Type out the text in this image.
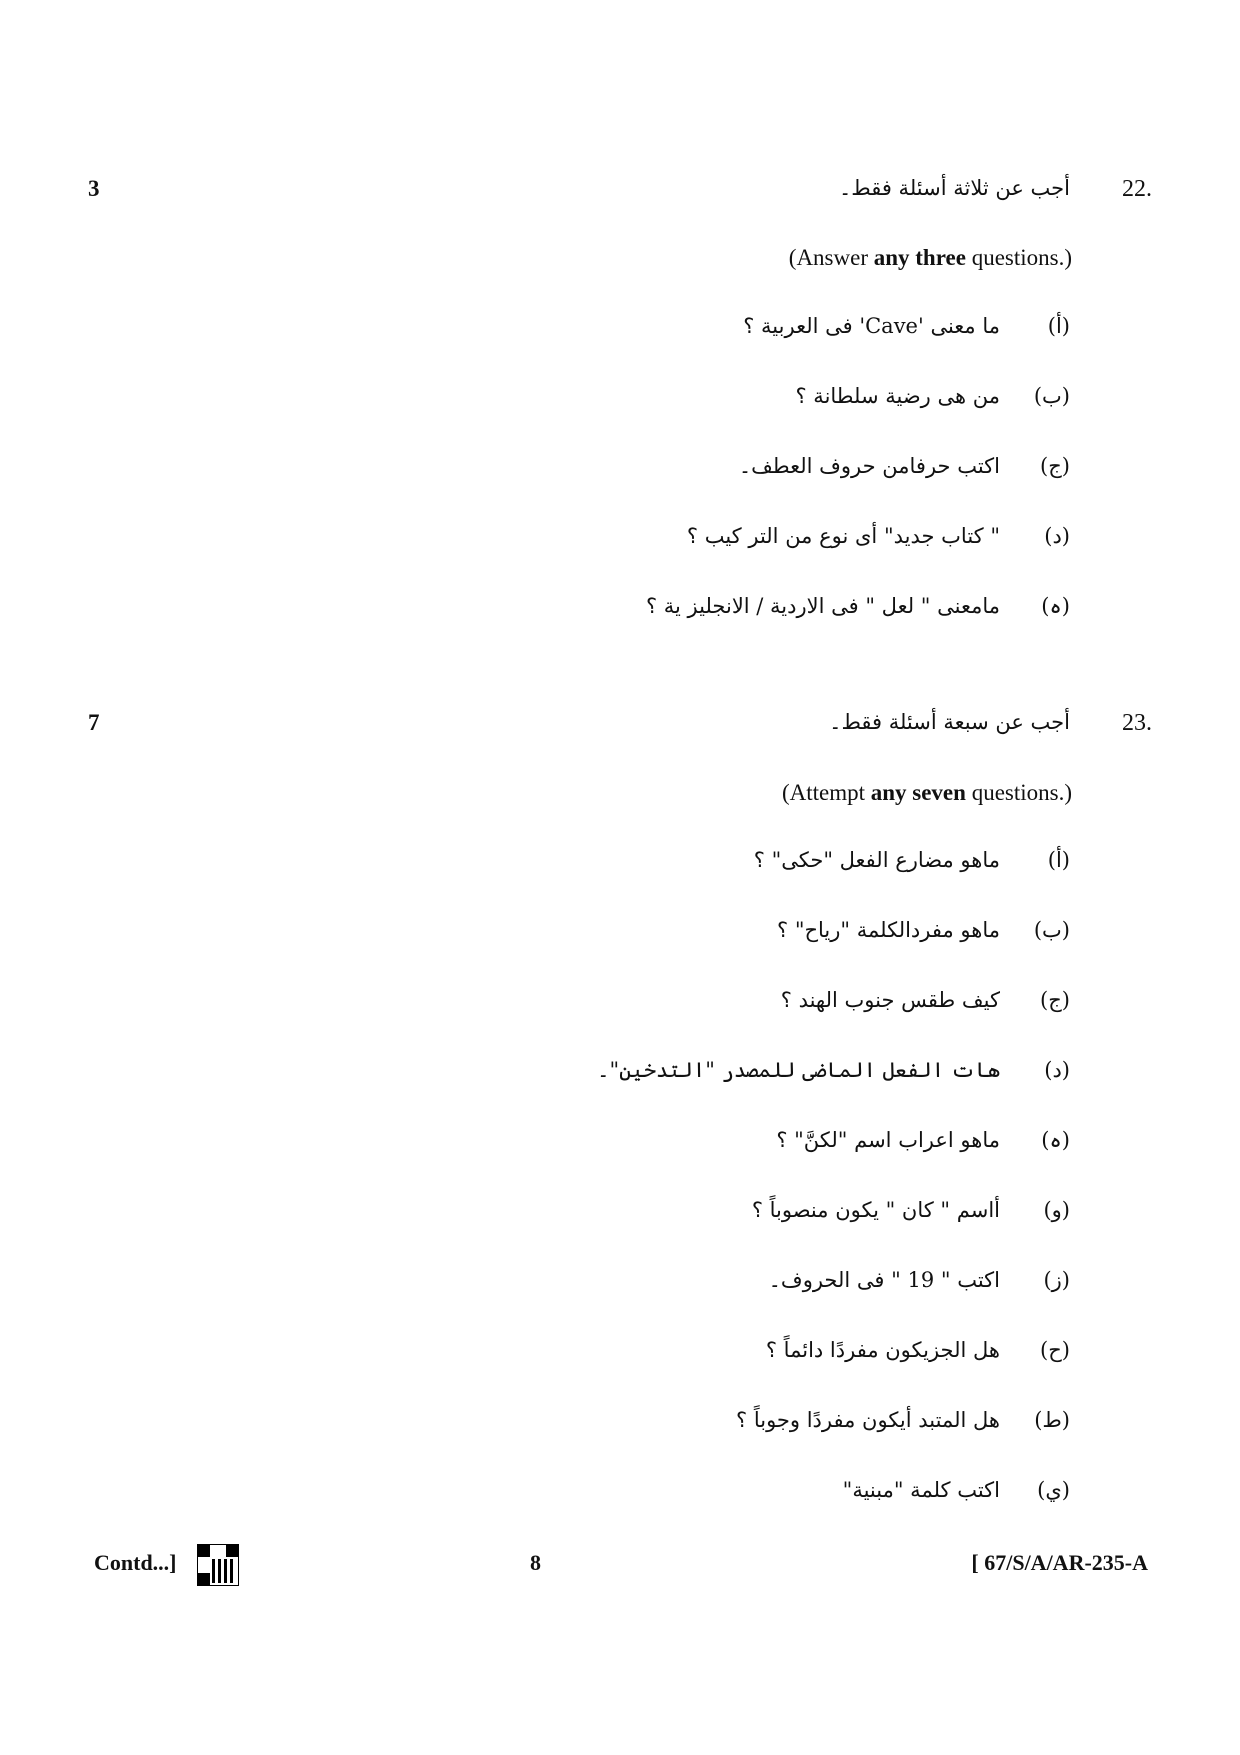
22.
أجب عن ثلاثة أسئلة فقط۔
3
(Answer any three questions.)
(أ)
ما معنى 'Cave' فى العربية ؟
(ب)
من هى رضية سلطانة ؟
(ج)
اكتب حرفامن حروف العطف۔
(د)
" كتاب جديد" أى نوع من التر كيب ؟
(ہ)
مامعنى " لعل " فى الاردية / الانجليز ية ؟
23.
أجب عن سبعة أسئلة فقط۔
7
(Attempt any seven questions.)
(أ)
ماهو مضارع الفعل "حكى" ؟
(ب)
ماهو مفردالكلمة "رياح" ؟
(ج)
كيف طقس جنوب الهند ؟
(د)
هات الفعل الماضى للمصدر "التدخين"۔
(ہ)
ماهو اعراب اسم "لكنَّ" ؟
(و)
أاسم " كان " يكون منصوباً ؟
(ز)
اكتب " 19 " فى الحروف۔
(ح)
هل الجزيكون مفردًا دائماً ؟
(ط)
هل المتبد أيكون مفردًا وجوباً ؟
(ي)
اكتب كلمة "مبنية"
Contd...]	8	[ 67/S/A/AR-235-A
